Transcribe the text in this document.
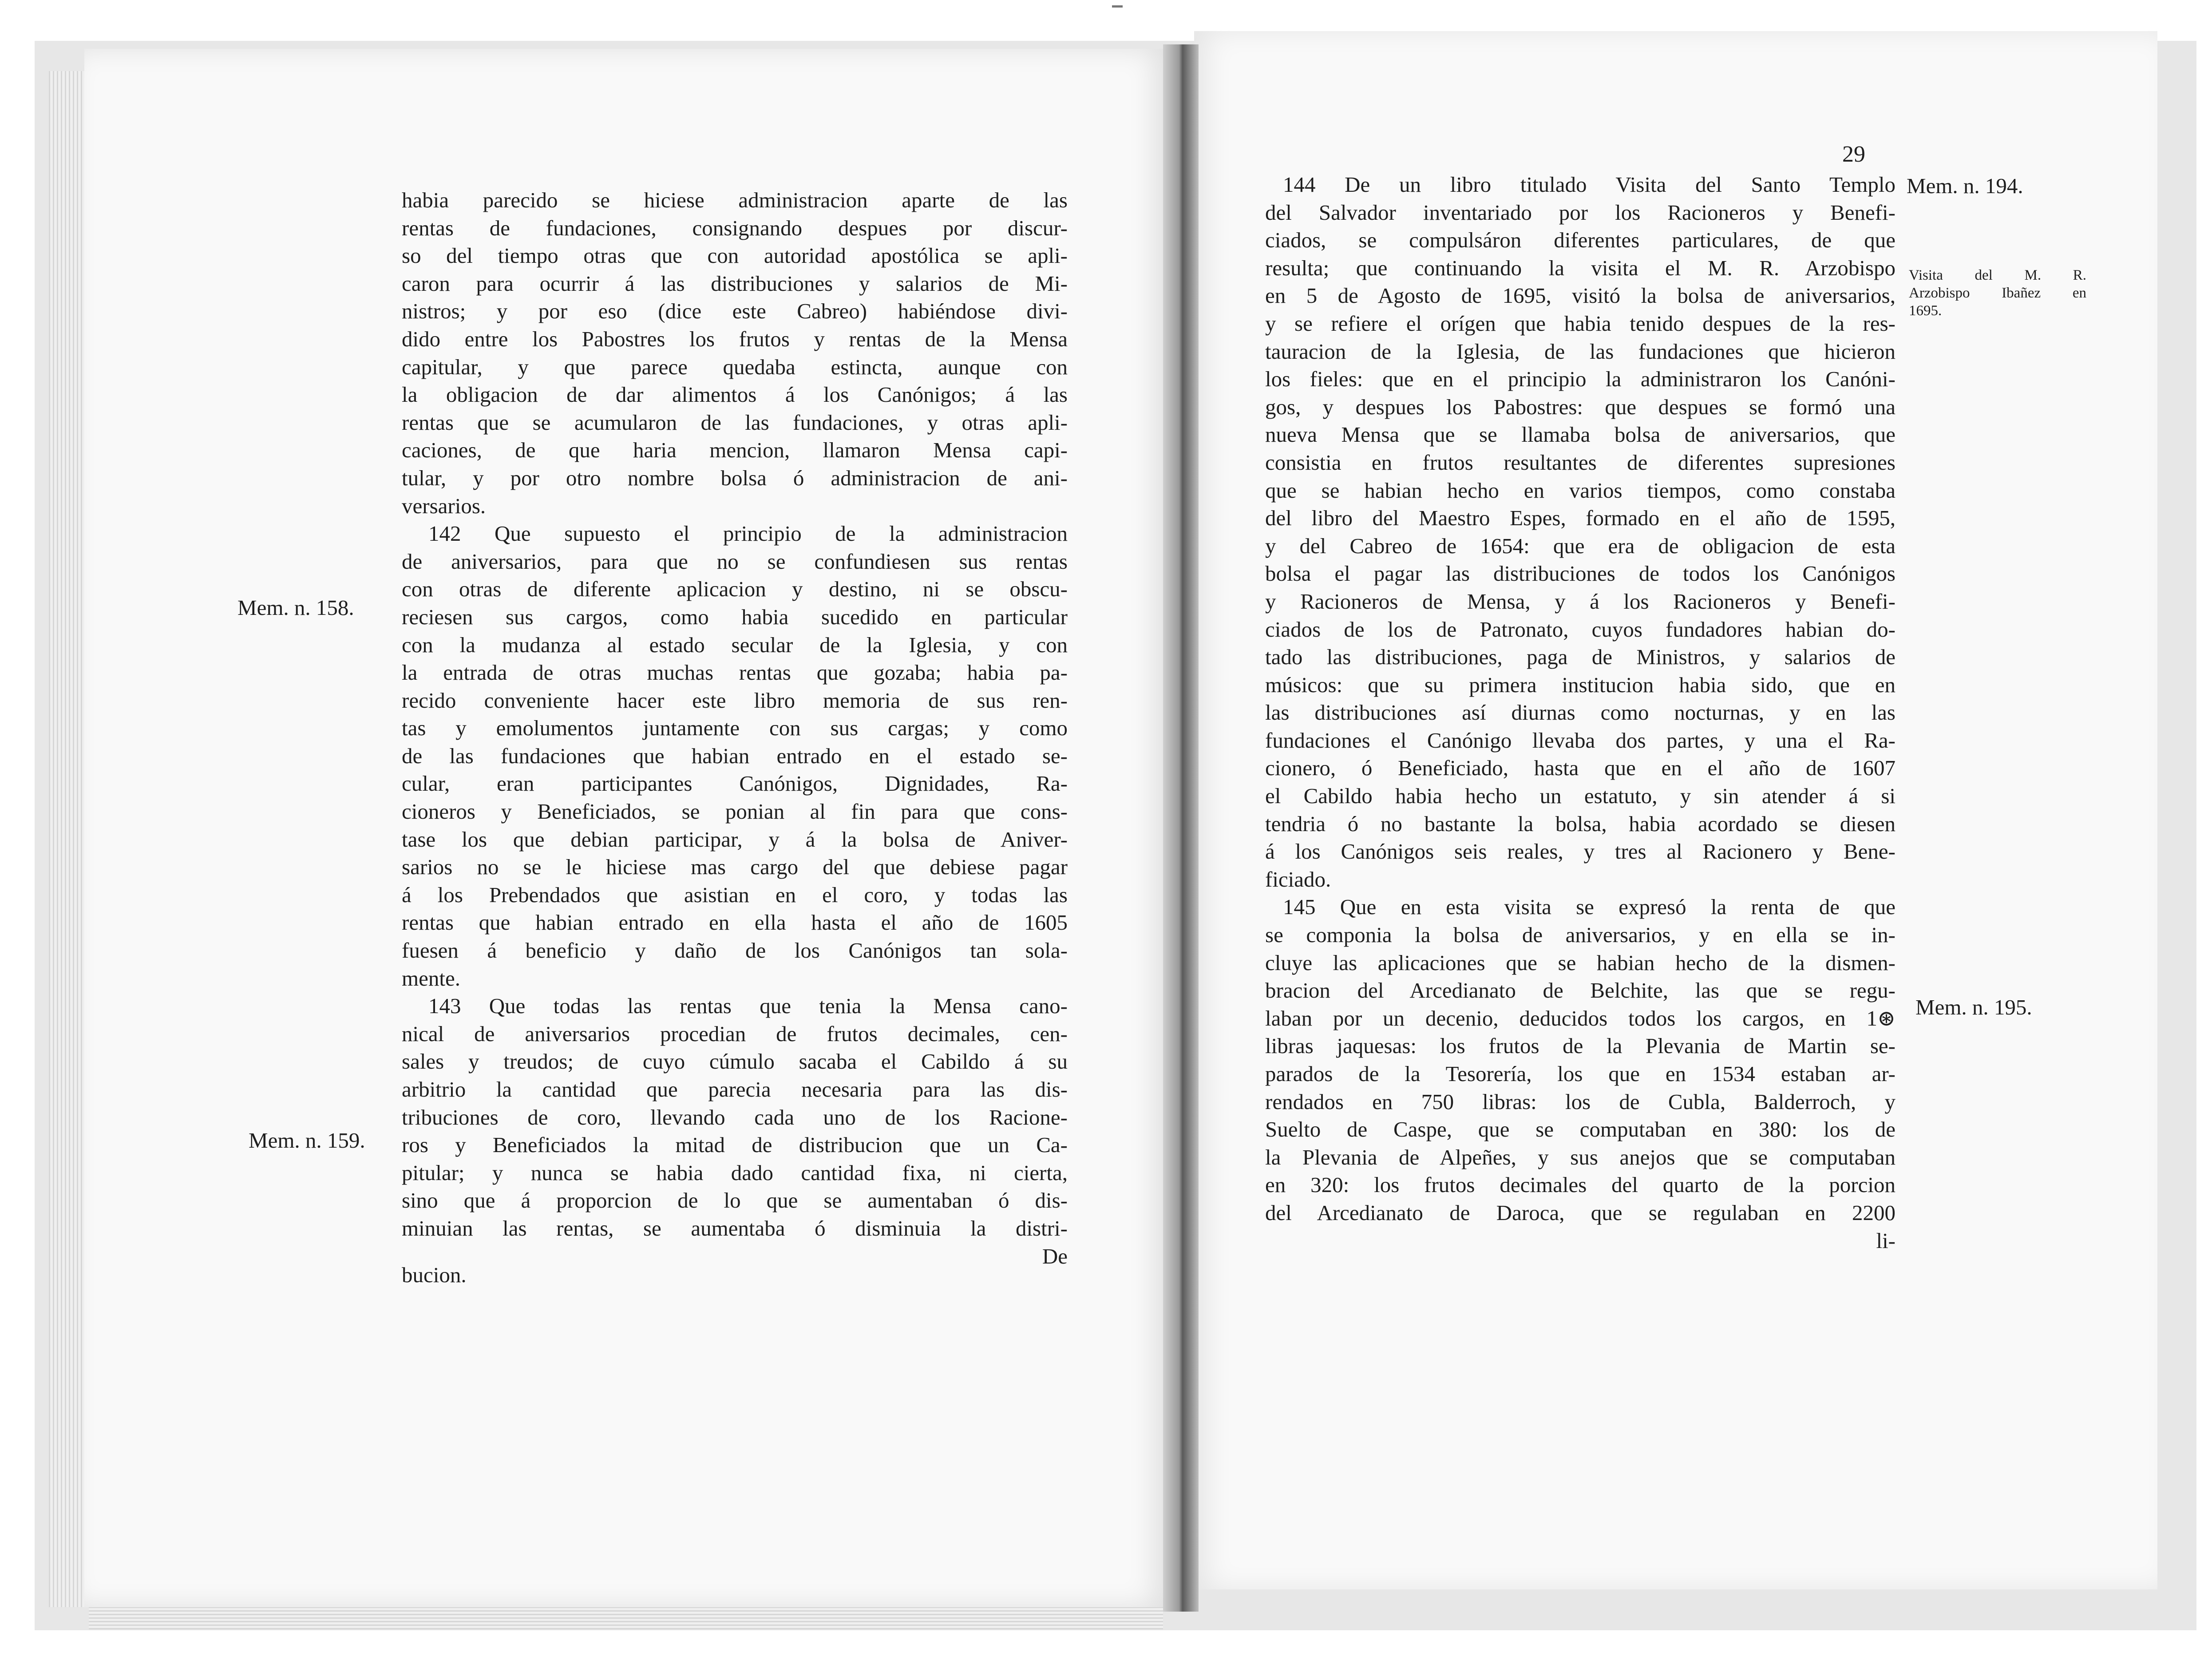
habia parecido se hiciese administracion aparte de las
rentas de fundaciones, consignando despues por discur-
so del tiempo otras que con autoridad apostólica se apli-
caron para ocurrir á las distribuciones y salarios de Mi-
nistros; y por eso (dice este Cabreo) habiéndose divi-
dido entre los Pabostres los frutos y rentas de la Mensa
capitular, y que parece quedaba estincta, aunque con
la obligacion de dar alimentos á los Canónigos; á las
rentas que se acumularon de las fundaciones, y otras apli-
caciones, de que haria mencion, llamaron Mensa capi-
tular, y por otro nombre bolsa ó administracion de ani-
versarios.
142 Que supuesto el principio de la administracion
de aniversarios, para que no se confundiesen sus rentas
con otras de diferente aplicacion y destino, ni se obscu-
reciesen sus cargos, como habia sucedido en particular
con la mudanza al estado secular de la Iglesia, y con
la entrada de otras muchas rentas que gozaba; habia pa-
recido conveniente hacer este libro memoria de sus ren-
tas y emolumentos juntamente con sus cargas; y como
de las fundaciones que habian entrado en el estado se-
cular, eran participantes Canónigos, Dignidades, Ra-
cioneros y Beneficiados, se ponian al fin para que cons-
tase los que debian participar, y á la bolsa de Aniver-
sarios no se le hiciese mas cargo del que debiese pagar
á los Prebendados que asistian en el coro, y todas las
rentas que habian entrado en ella hasta el año de 1605
fuesen á beneficio y daño de los Canónigos tan sola-
mente.
143 Que todas las rentas que tenia la Mensa cano-
nical de aniversarios procedian de frutos decimales, cen-
sales y treudos; de cuyo cúmulo sacaba el Cabildo á su
arbitrio la cantidad que parecia necesaria para las dis-
tribuciones de coro, llevando cada uno de los Racione-
ros y Beneficiados la mitad de distribucion que un Ca-
pitular; y nunca se habia dado cantidad fixa, ni cierta,
sino que á proporcion de lo que se aumentaban ó dis-
minuian las rentas, se aumentaba ó disminuia la distri-
De
bucion.
Mem. n. 158.
Mem. n. 159.
29
144 De un libro titulado Visita del Santo Templo
del Salvador inventariado por los Racioneros y Benefi-
ciados, se compulsáron diferentes particulares, de que
resulta; que continuando la visita el M. R. Arzobispo
en 5 de Agosto de 1695, visitó la bolsa de aniversarios,
y se refiere el orígen que habia tenido despues de la res-
tauracion de la Iglesia, de las fundaciones que hicieron
los fieles: que en el principio la administraron los Canóni-
gos, y despues los Pabostres: que despues se formó una
nueva Mensa que se llamaba bolsa de aniversarios, que
consistia en frutos resultantes de diferentes supresiones
que se habian hecho en varios tiempos, como constaba
del libro del Maestro Espes, formado en el año de 1595,
y del Cabreo de 1654: que era de obligacion de esta
bolsa el pagar las distribuciones de todos los Canónigos
y Racioneros de Mensa, y á los Racioneros y Benefi-
ciados de los de Patronato, cuyos fundadores habian do-
tado las distribuciones, paga de Ministros, y salarios de
músicos: que su primera institucion habia sido, que en
las distribuciones así diurnas como nocturnas, y en las
fundaciones el Canónigo llevaba dos partes, y una el Ra-
cionero, ó Beneficiado, hasta que en el año de 1607
el Cabildo habia hecho un estatuto, y sin atender á si
tendria ó no bastante la bolsa, habia acordado se diesen
á los Canónigos seis reales, y tres al Racionero y Bene-
ficiado.
145 Que en esta visita se expresó la renta de que
se componia la bolsa de aniversarios, y en ella se in-
cluye las aplicaciones que se habian hecho de la dismen-
bracion del Arcedianato de Belchite, las que se regu-
laban por un decenio, deducidos todos los cargos, en 1⊛
libras jaquesas: los frutos de la Plevania de Martin se-
parados de la Tesorería, los que en 1534 estaban ar-
rendados en 750 libras: los de Cubla, Balderroch, y
Suelto de Caspe, que se computaban en 380: los de
la Plevania de Alpeñes, y sus anejos que se computaban
en 320: los frutos decimales del quarto de la porcion
del Arcedianato de Daroca, que se regulaban en 2200
li-
Mem. n. 194.
Visita del M. R.
Arzobispo Ibañez en
1695.
Mem. n. 195.
